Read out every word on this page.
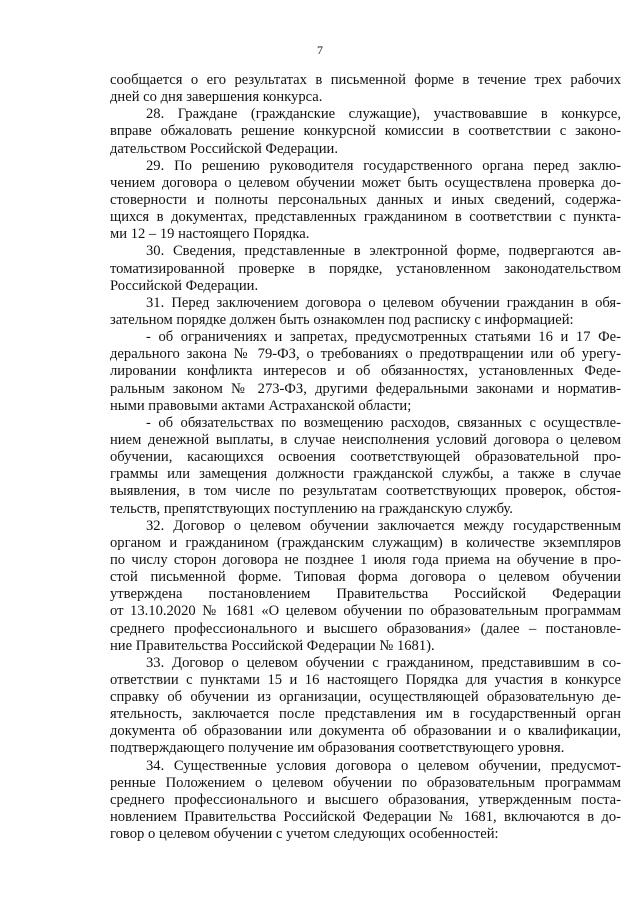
7
сообщается о его результатах в письменной форме в течение трех рабочих
дней со дня завершения конкурса.
28. Граждане (гражданские служащие), участвовавшие в конкурсе,
вправе обжаловать решение конкурсной комиссии в соответствии с законо-
дательством Российской Федерации.
29. По решению руководителя государственного органа перед заклю-
чением договора о целевом обучении может быть осуществлена проверка до-
стоверности и полноты персональных данных и иных сведений, содержа-
щихся в документах, представленных гражданином в соответствии с пункта-
ми 12 – 19 настоящего Порядка.
30. Сведения, представленные в электронной форме, подвергаются ав-
томатизированной проверке в порядке, установленном законодательством
Российской Федерации.
31. Перед заключением договора о целевом обучении гражданин в обя-
зательном порядке должен быть ознакомлен под расписку с информацией:
- об ограничениях и запретах, предусмотренных статьями 16 и 17 Фе-
дерального закона № 79-ФЗ, о требованиях о предотвращении или об урегу-
лировании конфликта интересов и об обязанностях, установленных Феде-
ральным законом № 273-ФЗ, другими федеральными законами и норматив-
ными правовыми актами Астраханской области;
- об обязательствах по возмещению расходов, связанных с осуществле-
нием денежной выплаты, в случае неисполнения условий договора о целевом
обучении, касающихся освоения соответствующей образовательной про-
граммы или замещения должности гражданской службы, а также в случае
выявления, в том числе по результатам соответствующих проверок, обстоя-
тельств, препятствующих поступлению на гражданскую службу.
32. Договор о целевом обучении заключается между государственным
органом и гражданином (гражданским служащим) в количестве экземпляров
по числу сторон договора не позднее 1 июля года приема на обучение в про-
стой письменной форме. Типовая форма договора о целевом обучении
утверждена постановлением Правительства Российской Федерации
от 13.10.2020 № 1681 «О целевом обучении по образовательным программам
среднего профессионального и высшего образования» (далее – постановле-
ние Правительства Российской Федерации № 1681).
33. Договор о целевом обучении с гражданином, представившим в со-
ответствии с пунктами 15 и 16 настоящего Порядка для участия в конкурсе
справку об обучении из организации, осуществляющей образовательную де-
ятельность, заключается после представления им в государственный орган
документа об образовании или документа об образовании и о квалификации,
подтверждающего получение им образования соответствующего уровня.
34. Существенные условия договора о целевом обучении, предусмот-
ренные Положением о целевом обучении по образовательным программам
среднего профессионального и высшего образования, утвержденным поста-
новлением Правительства Российской Федерации № 1681, включаются в до-
говор о целевом обучении с учетом следующих особенностей:
